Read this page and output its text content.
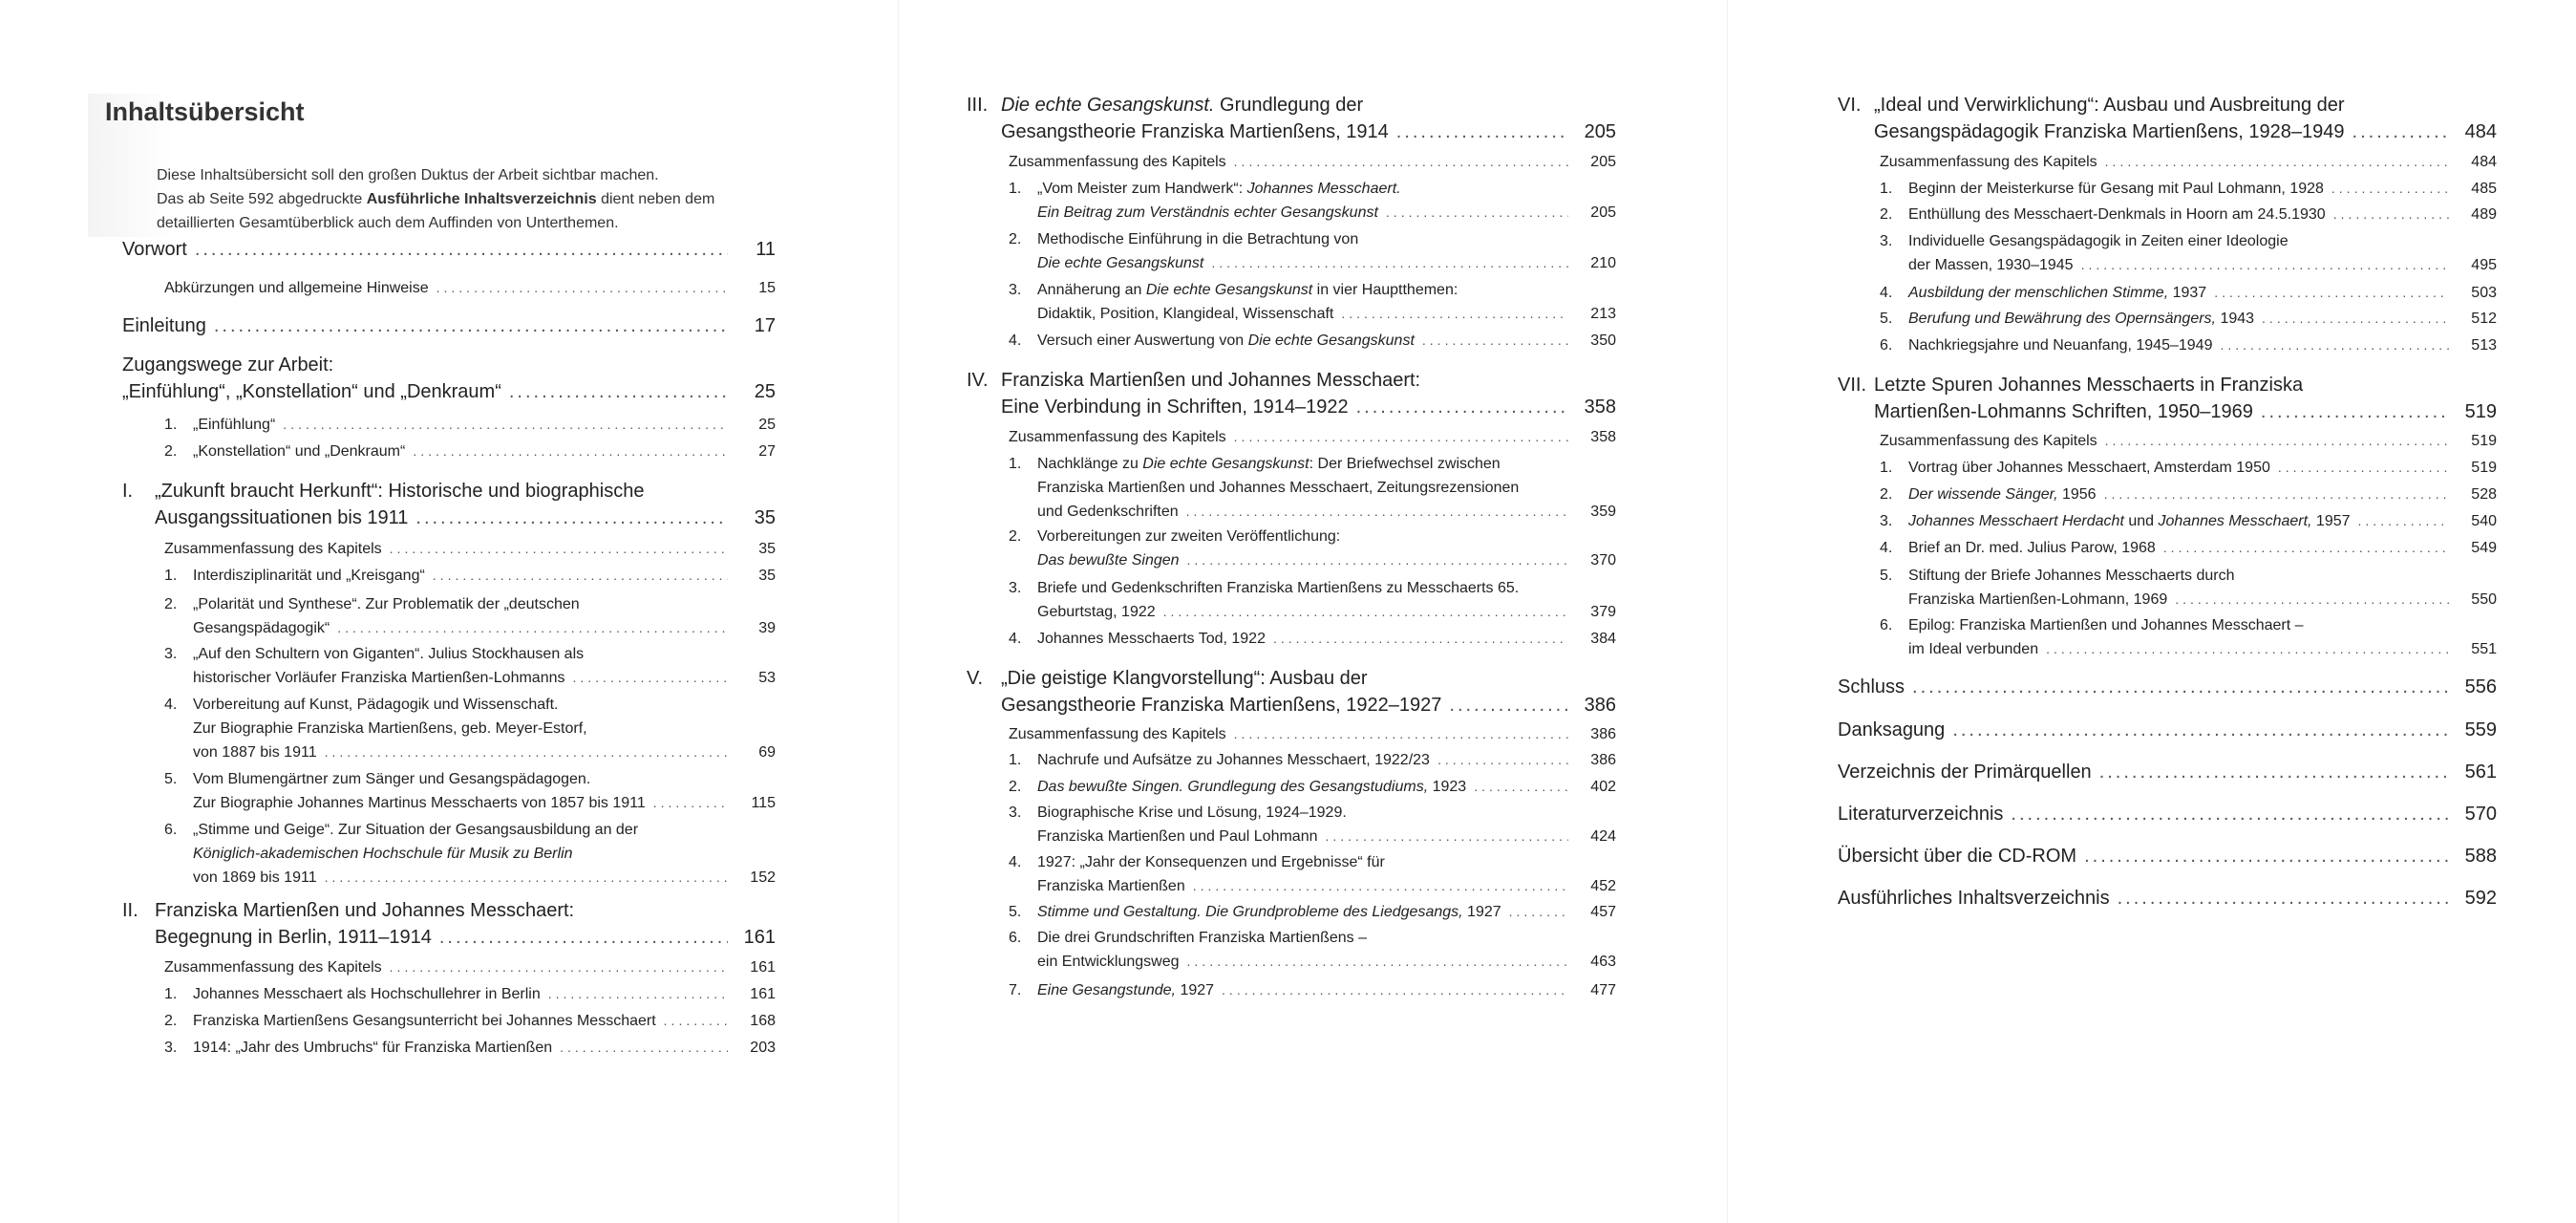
Inhaltsübersicht
Diese Inhaltsübersicht soll den großen Duktus der Arbeit sichtbar machen.
Das ab Seite 592 abgedruckte Ausführliche Inhaltsverzeichnis dient neben dem
detaillierten Gesamtüberblick auch dem Auffinden von Unterthemen.
Vorwort .....	11
Abkürzungen und allgemeine Hinweise .....	15
Einleitung .....	17
Zugangswege zur Arbeit:
„Einfühlung“, „Konstellation“ und „Denkraum“ .....	25
1.	„Einfühlung“ .....	25
2.	„Konstellation“ und „Denkraum“ .....	27
I.	„Zukunft braucht Herkunft“: Historische und biographische
Ausgangssituationen bis 1911 .....	35
Zusammenfassung des Kapitels .....	35
1.	Interdisziplinarität und „Kreisgang“ .....	35
2.	„Polarität und Synthese“. Zur Problematik der „deutschen
Gesangspädagogik“ .....	39
3.	„Auf den Schultern von Giganten“. Julius Stockhausen als
historischer Vorläufer Franziska Martienßen-Lohmanns .....	53
4.	Vorbereitung auf Kunst, Pädagogik und Wissenschaft.
Zur Biographie Franziska Martienßens, geb. Meyer-Estorf,
von 1887 bis 1911 .....	69
5.	Vom Blumengärtner zum Sänger und Gesangspädagogen.
Zur Biographie Johannes Martinus Messchaerts von 1857 bis 1911 .....	115
6.	„Stimme und Geige“. Zur Situation der Gesangsausbildung an der
Königlich-akademischen Hochschule für Musik zu Berlin
von 1869 bis 1911 .....	152
II. Franziska Martienßen und Johannes Messchaert:
Begegnung in Berlin, 1911–1914 .....	161
Zusammenfassung des Kapitels .....	161
1.	Johannes Messchaert als Hochschullehrer in Berlin .....	161
2.	Franziska Martienßens Gesangsunterricht bei Johannes Messchaert .....	168
3.	1914: „Jahr des Umbruchs“ für Franziska Martienßen .....	203
III. Die echte Gesangskunst. Grundlegung der
Gesangstheorie Franziska Martienßens, 1914 .....	205
Zusammenfassung des Kapitels .....	205
1.	„Vom Meister zum Handwerk“: Johannes Messchaert.
Ein Beitrag zum Verständnis echter Gesangskunst .....	205
2.	Methodische Einführung in die Betrachtung von
Die echte Gesangskunst .....	210
3.	Annäherung an Die echte Gesangskunst in vier Hauptthemen:
Didaktik, Position, Klangideal, Wissenschaft .....	213
4.	Versuch einer Auswertung von Die echte Gesangskunst .....	350
IV. Franziska Martienßen und Johannes Messchaert:
Eine Verbindung in Schriften, 1914–1922 .....	358
Zusammenfassung des Kapitels .....	358
1.	Nachklänge zu Die echte Gesangskunst: Der Briefwechsel zwischen
Franziska Martienßen und Johannes Messchaert, Zeitungsrezensionen
und Gedenkschriften .....	359
2.	Vorbereitungen zur zweiten Veröffentlichung:
Das bewußte Singen .....	370
3.	Briefe und Gedenkschriften Franziska Martienßens zu Messchaerts 65.
Geburtstag, 1922 .....	379
4.	Johannes Messchaerts Tod, 1922 .....	384
V. „Die geistige Klangvorstellung“: Ausbau der
Gesangstheorie Franziska Martienßens, 1922–1927 .....	386
Zusammenfassung des Kapitels .....	386
1.	Nachrufe und Aufsätze zu Johannes Messchaert, 1922/23 .....	386
2.	Das bewußte Singen. Grundlegung des Gesangstudiums, 1923 .....	402
3.	Biographische Krise und Lösung, 1924–1929.
Franziska Martienßen und Paul Lohmann .....	424
4.	1927: „Jahr der Konsequenzen und Ergebnisse“ für
Franziska Martienßen .....	452
5.	Stimme und Gestaltung. Die Grundprobleme des Liedgesangs, 1927 .....	457
6.	Die drei Grundschriften Franziska Martienßens –
ein Entwicklungsweg .....	463
7.	Eine Gesangstunde, 1927 .....	477
VI. „Ideal und Verwirklichung“: Ausbau und Ausbreitung der
Gesangspädagogik Franziska Martienßens, 1928–1949 .....	484
Zusammenfassung des Kapitels .....	484
1.	Beginn der Meisterkurse für Gesang mit Paul Lohmann, 1928 .....	485
2.	Enthüllung des Messchaert-Denkmals in Hoorn am 24.5.1930 .....	489
3.	Individuelle Gesangspädagogik in Zeiten einer Ideologie
der Massen, 1930–1945 .....	495
4.	Ausbildung der menschlichen Stimme, 1937 .....	503
5.	Berufung und Bewährung des Opernsängers, 1943 .....	512
6.	Nachkriegsjahre und Neuanfang, 1945–1949 .....	513
VII. Letzte Spuren Johannes Messchaerts in Franziska
Martienßen-Lohmanns Schriften, 1950–1969 .....	519
Zusammenfassung des Kapitels .....	519
1.	Vortrag über Johannes Messchaert, Amsterdam 1950 .....	519
2.	Der wissende Sänger, 1956 .....	528
3.	Johannes Messchaert Herdacht und Johannes Messchaert, 1957 .....	540
4.	Brief an Dr. med. Julius Parow, 1968 .....	549
5.	Stiftung der Briefe Johannes Messchaerts durch
Franziska Martienßen-Lohmann, 1969 .....	550
6.	Epilog: Franziska Martienßen und Johannes Messchaert –
im Ideal verbunden .....	551
Schluss .....	556
Danksagung .....	559
Verzeichnis der Primärquellen .....	561
Literaturverzeichnis .....	570
Übersicht über die CD-ROM .....	588
Ausführliches Inhaltsverzeichnis .....	592
